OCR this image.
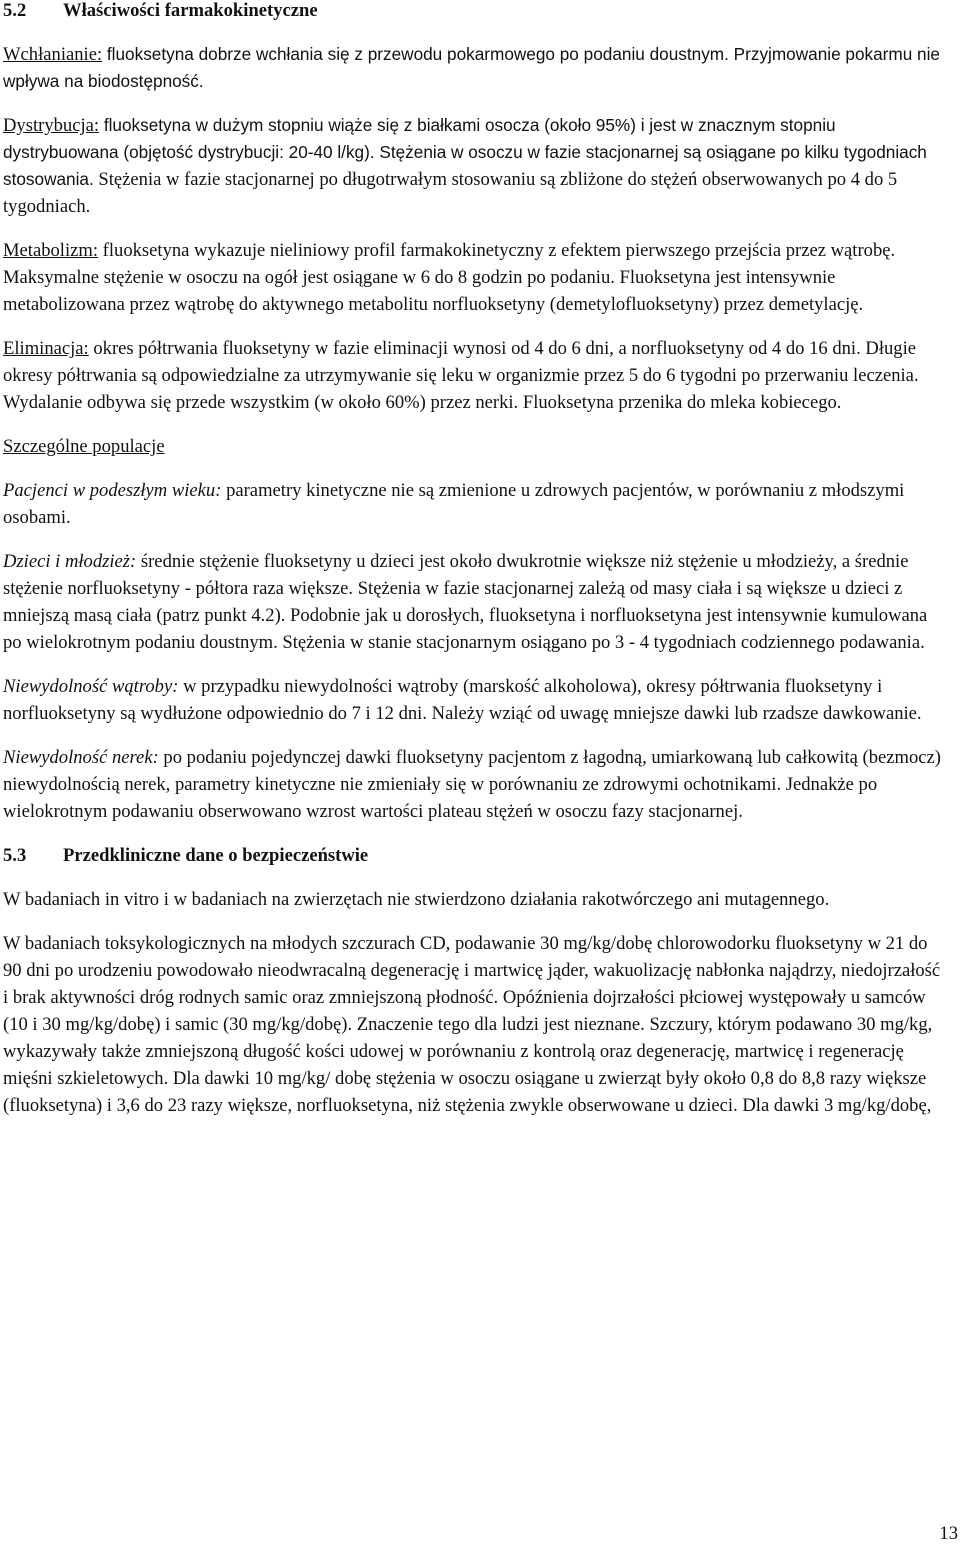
5.2 Właściwości farmakokinetyczne

Wchłanianie: fluoksetyna dobrze wchłania się z przewodu pokarmowego po podaniu doustnym. Przyjmowanie pokarmu nie wpływa na biodostępność.

Dystrybucja: fluoksetyna w dużym stopniu wiąże się z białkami osocza (około 95%) i jest w znacznym stopniu dystrybuowana (objętość dystrybucji: 20-40 l/kg). Stężenia w osoczu w fazie stacjonarnej są osiągane po kilku tygodniach stosowania. Stężenia w fazie stacjonarnej po długotrwałym stosowaniu są zbliżone do stężeń obserwowanych po 4 do 5 tygodniach.

Metabolizm: fluoksetyna wykazuje nieliniowy profil farmakokinetyczny z efektem pierwszego przejścia przez wątrobę. Maksymalne stężenie w osoczu na ogół jest osiągane w 6 do 8 godzin po podaniu. Fluoksetyna jest intensywnie metabolizowana przez wątrobę do aktywnego metabolitu norfluoksetyny (demetylofluoksetyny) przez demetylację.

Eliminacja: okres półtrwania fluoksetyny w fazie eliminacji wynosi od 4 do 6 dni, a norfluoksetyny od 4 do 16 dni. Długie okresy półtrwania są odpowiedzialne za utrzymywanie się leku w organizmie przez 5 do 6 tygodni po przerwaniu leczenia. Wydalanie odbywa się przede wszystkim (w około 60%) przez nerki. Fluoksetyna przenika do mleka kobiecego.

Szczególne populacje

Pacjenci w podeszłym wieku: parametry kinetyczne nie są zmienione u zdrowych pacjentów, w porównaniu z młodszymi osobami.

Dzieci i młodzież: średnie stężenie fluoksetyny u dzieci jest około dwukrotnie większe niż stężenie u młodzieży, a średnie stężenie norfluoksetyny - półtora raza większe. Stężenia w fazie stacjonarnej zależą od masy ciała i są większe u dzieci z mniejszą masą ciała (patrz punkt 4.2). Podobnie jak u dorosłych, fluoksetyna i norfluoksetyna jest intensywnie kumulowana po wielokrotnym podaniu doustnym. Stężenia w stanie stacjonarnym osiągano po 3 - 4 tygodniach codziennego podawania.

Niewydolność wątroby: w przypadku niewydolności wątroby (marskość alkoholowa), okresy półtrwania fluoksetyny i norfluoksetyny są wydłużone odpowiednio do 7 i 12 dni. Należy wziąć od uwagę mniejsze dawki lub rzadsze dawkowanie.

Niewydolność nerek: po podaniu pojedynczej dawki fluoksetyny pacjentom z łagodną, umiarkowaną lub całkowitą (bezmocz) niewydolnością nerek, parametry kinetyczne nie zmieniały się w porównaniu ze zdrowymi ochotnikami. Jednakże po wielokrotnym podawaniu obserwowano wzrost wartości plateau stężeń w osoczu fazy stacjonarnej.

5.3 Przedkliniczne dane o bezpieczeństwie

W badaniach in vitro i w badaniach na zwierzętach nie stwierdzono działania rakotwórczego ani mutagennego.

W badaniach toksykologicznych na młodych szczurach CD, podawanie 30 mg/kg/dobę chlorowodorku fluoksetyny w 21 do 90 dni po urodzeniu powodowało nieodwracalną degenerację i martwicę jąder, wakuolizację nabłonka najądrzy, niedojrzałość i brak aktywności dróg rodnych samic oraz zmniejszoną płodność. Opóźnienia dojrzałości płciowej występowały u samców (10 i 30 mg/kg/dobę) i samic (30 mg/kg/dobę). Znaczenie tego dla ludzi jest nieznane. Szczury, którym podawano 30 mg/kg, wykazywały także zmniejszoną długość kości udowej w porównaniu z kontrolą oraz degenerację, martwicę i regenerację mięśni szkieletowych. Dla dawki 10 mg/kg/ dobę stężenia w osoczu osiągane u zwierząt były około 0,8 do 8,8 razy większe (fluoksetyna) i 3,6 do 23 razy większe, norfluoksetyna, niż stężenia zwykle obserwowane u dzieci. Dla dawki 3 mg/kg/dobę,

13
